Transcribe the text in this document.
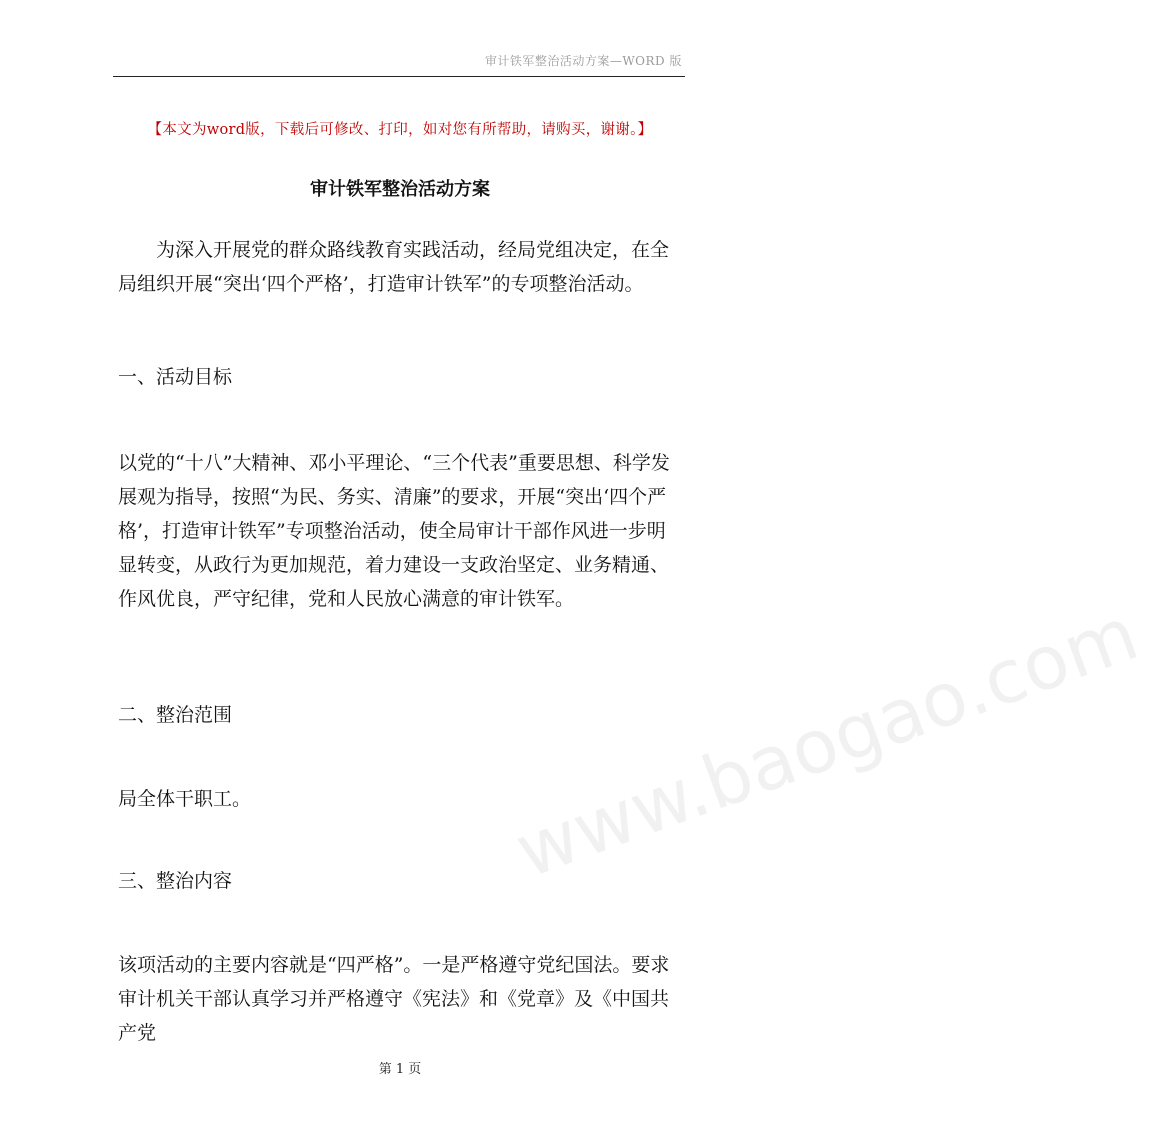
审计铁军整治活动方案—WORD 版
【本文为word版，下载后可修改、打印，如对您有所帮助，请购买，谢谢。】
审计铁军整治活动方案
为深入开展党的群众路线教育实践活动，经局党组决定，在全局组织开展“突出‘四个严格’，打造审计铁军”的专项整治活动。
一、活动目标
以党的“十八”大精神、邓小平理论、“三个代表”重要思想、科学发展观为指导，按照“为民、务实、清廉”的要求，开展“突出‘四个严格’，打造审计铁军”专项整治活动，使全局审计干部作风进一步明显转变，从政行为更加规范，着力建设一支政治坚定、业务精通、作风优良，严守纪律，党和人民放心满意的审计铁军。
二、整治范围
局全体干职工。
三、整治内容
该项活动的主要内容就是“四严格”。一是严格遵守党纪国法。要求审计机关干部认真学习并严格遵守《宪法》和《党章》及《中国共产党
www.baogao.com
第 1 页
